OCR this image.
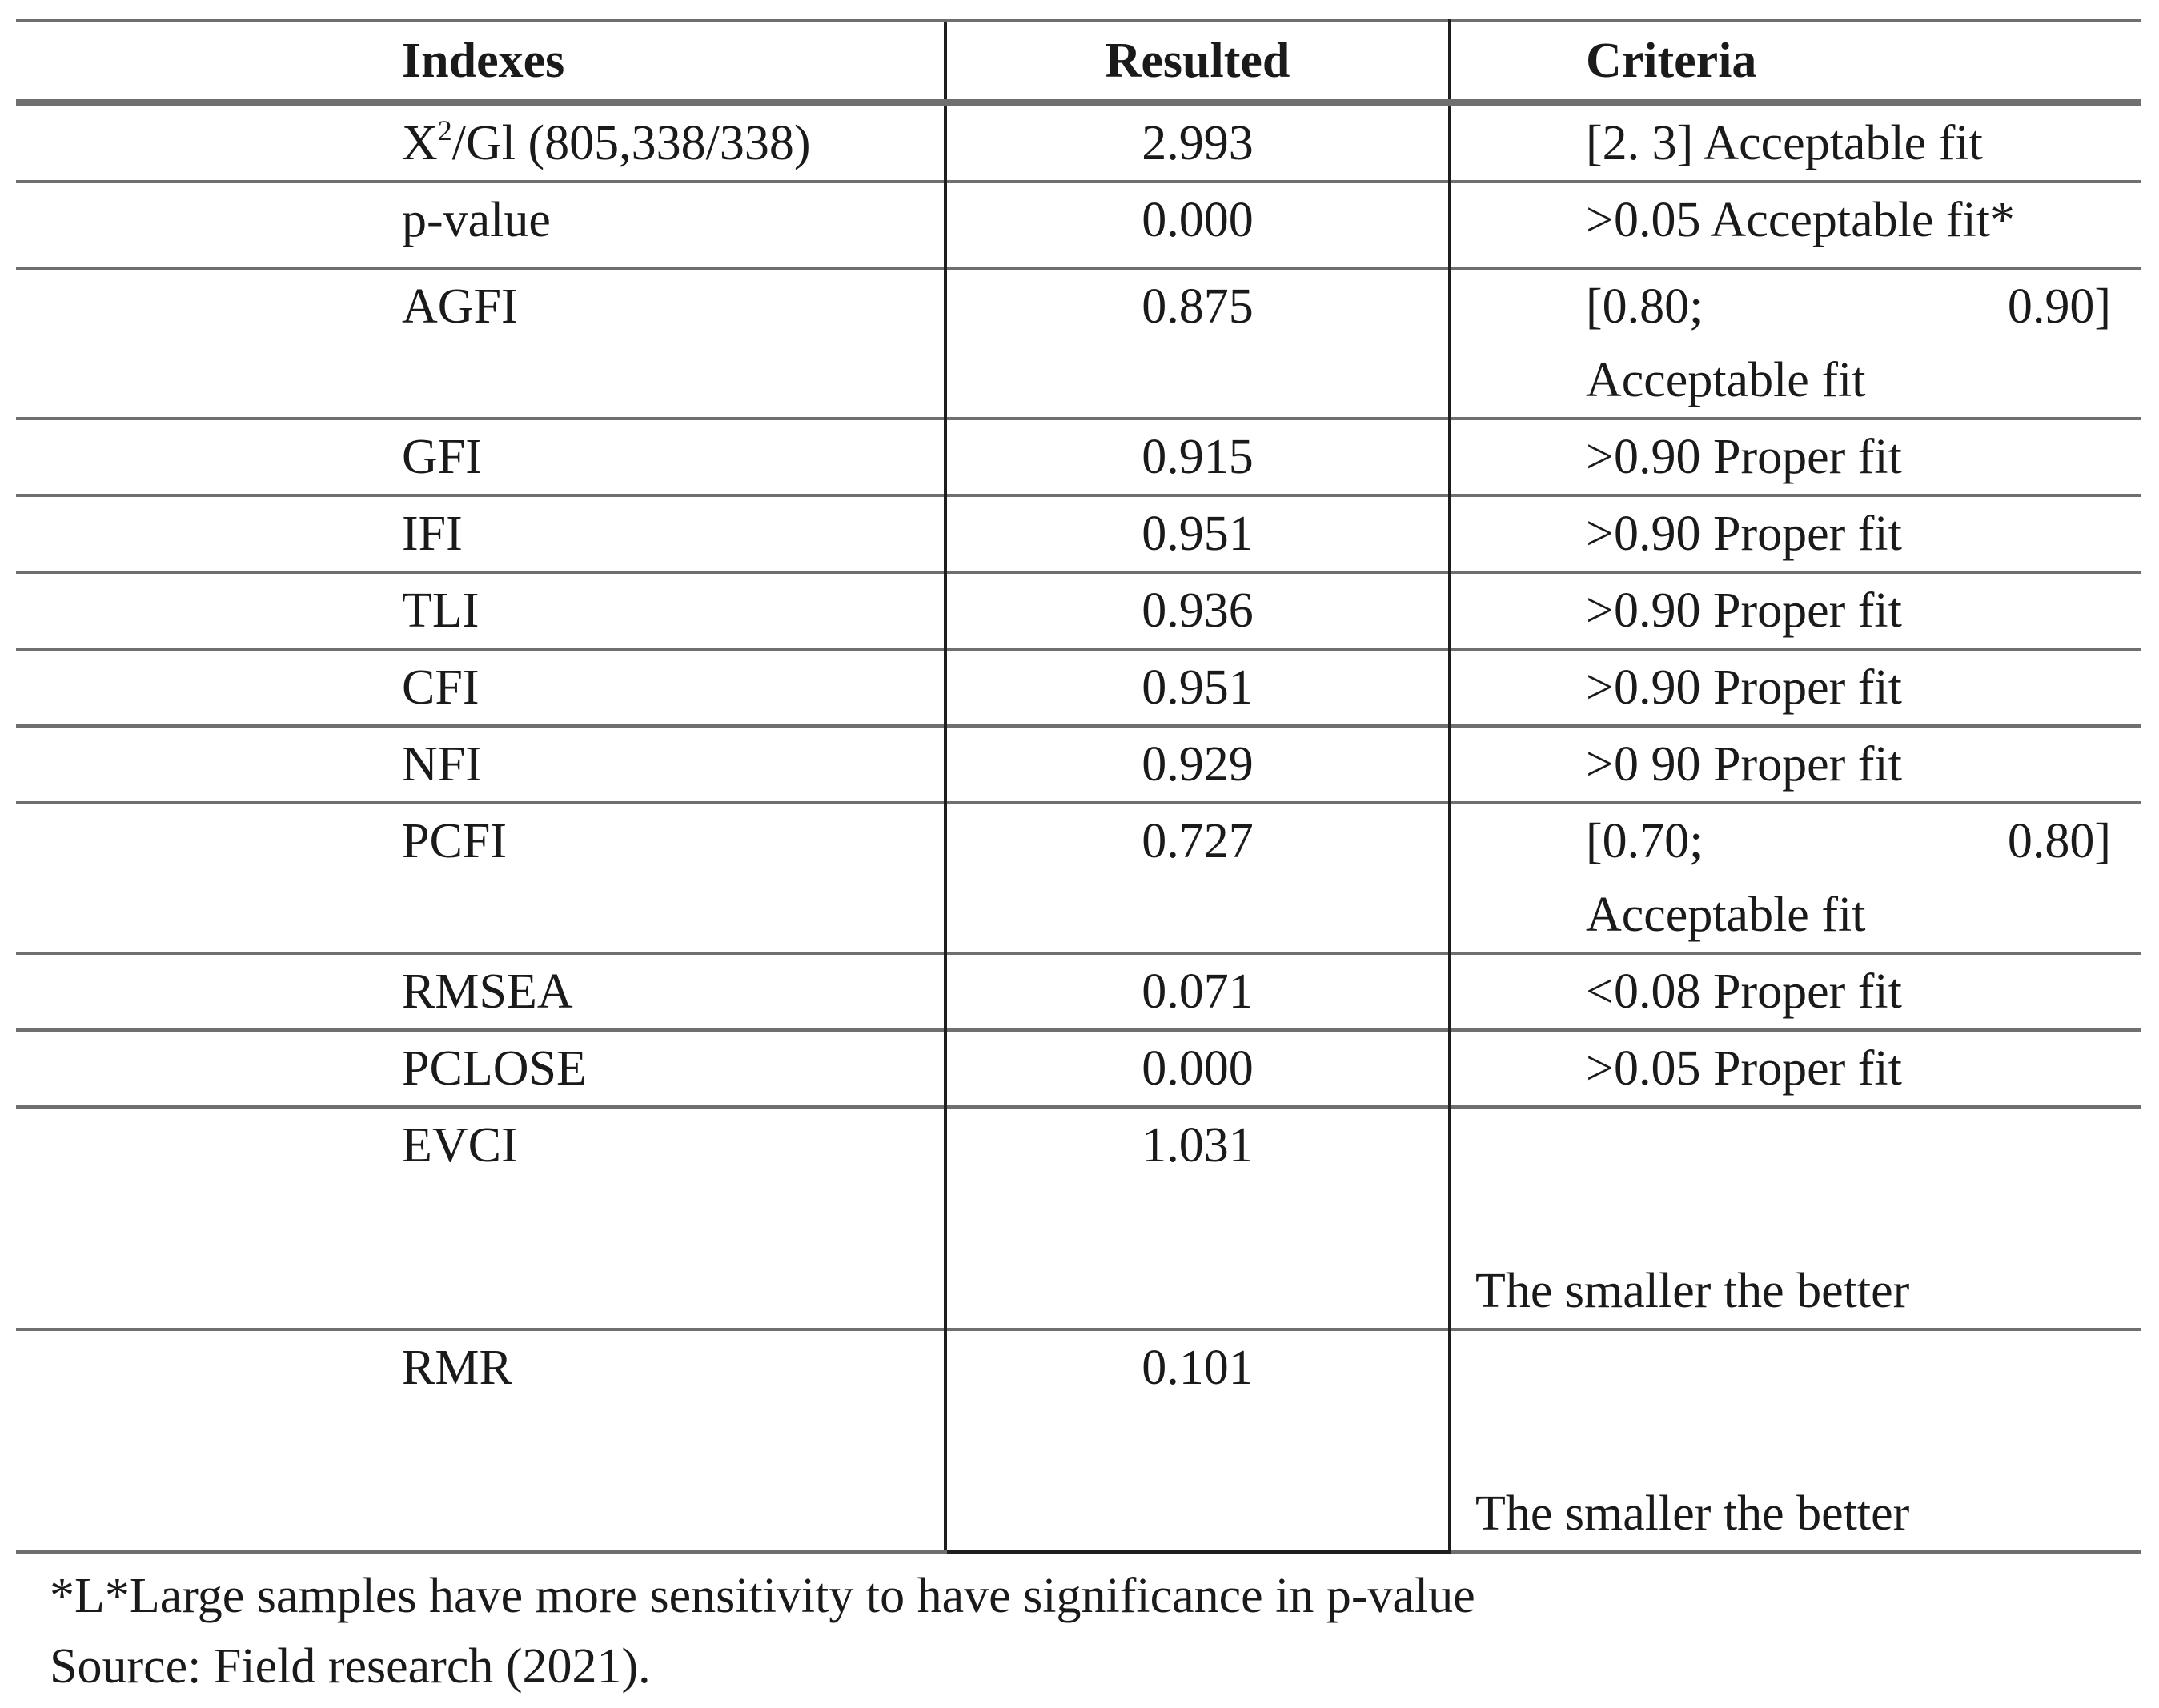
Indexes	Resulted	Criteria
$X^2/Gl$ (805,338/338)	2.993	[2. 3] Acceptable fit
p-value	0.000	>0.05 Acceptable fit*
AGFI	0.875	[0.80; 0.90]
Acceptable fit

GFI	0.915	>0.90 Proper fit
IFI	0.951	>0.90 Proper fit
TLI	0.936	>0.90 Proper fit
CFI	0.951	>0.90 Proper fit
NFI	0.929	>0 90 Proper fit
PCFI	0.727	[0.70; 0.80]
Acceptable fit

RMSEA	0.071	<0.08 Proper fit
PCLOSE	0.000	>0.05 Proper fit
EVCI	1.031	The smaller the better

RMR	0.101	The smaller the better
*L*Large samples have more sensitivity to have significance in p-value
Source: Field research (2021).
